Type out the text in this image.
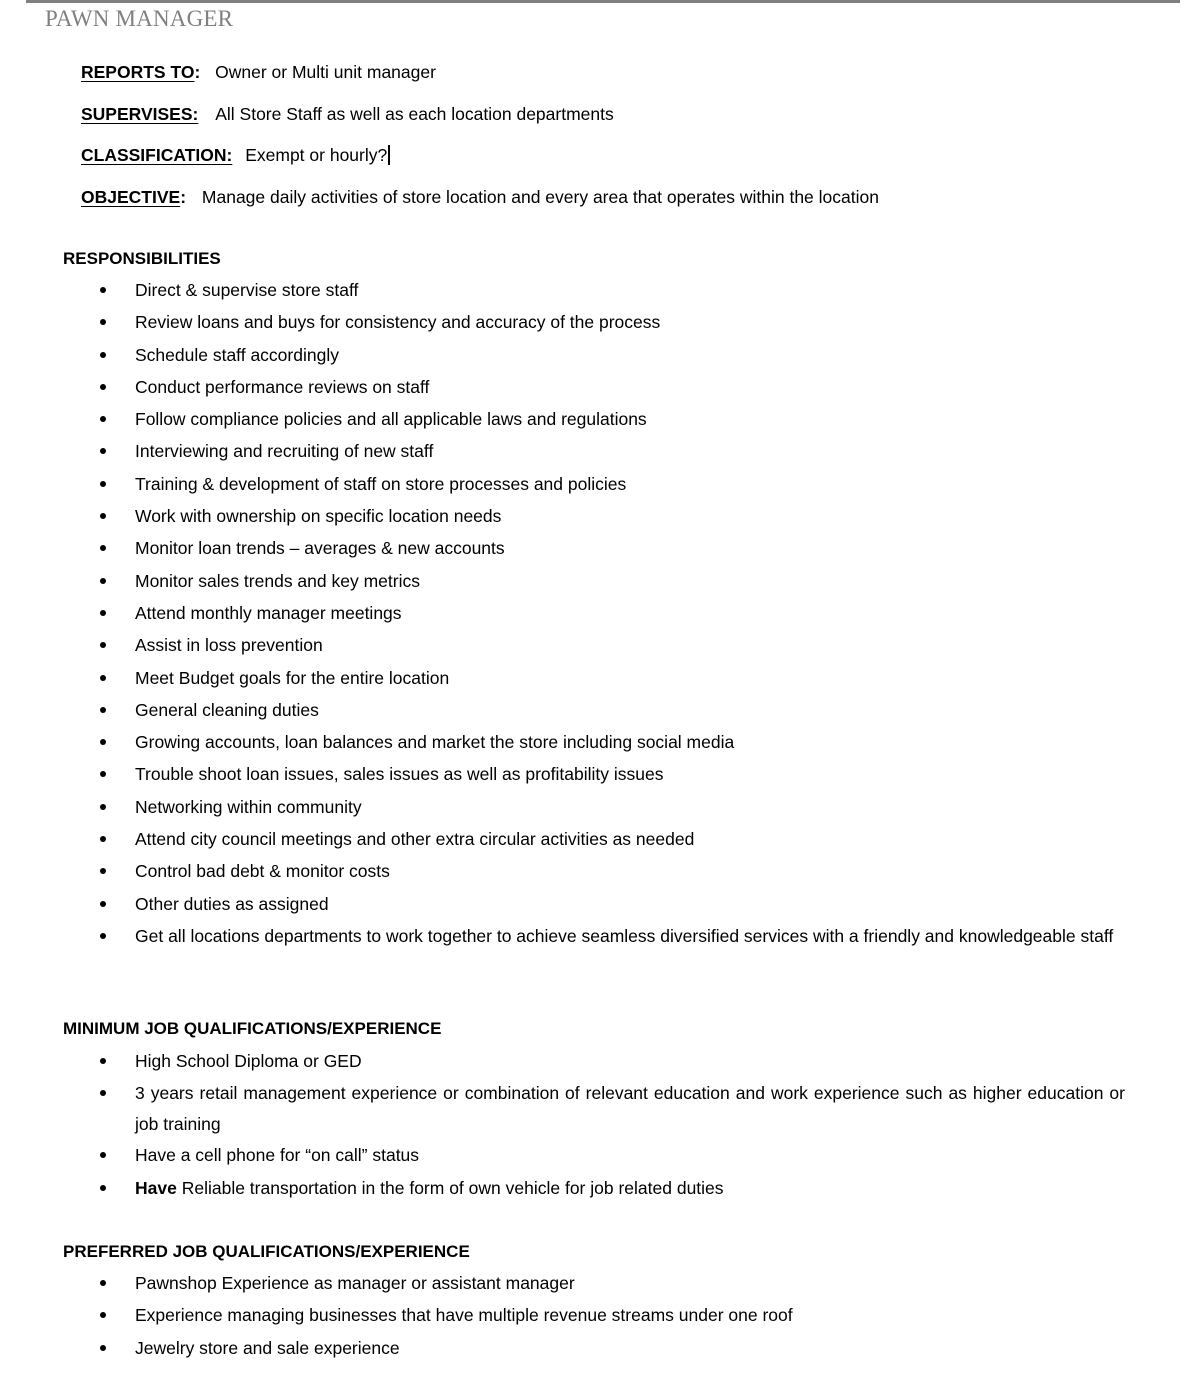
PAWN MANAGER
REPORTS TO: Owner or Multi unit manager
SUPERVISES: All Store Staff as well as each location departments
CLASSIFICATION: Exempt or hourly?
OBJECTIVE: Manage daily activities of store location and every area that operates within the location
RESPONSIBILITIES
Direct & supervise store staff
Review loans and buys for consistency and accuracy of the process
Schedule staff accordingly
Conduct performance reviews on staff
Follow compliance policies and all applicable laws and regulations
Interviewing and recruiting of new staff
Training & development of staff on store processes and policies
Work with ownership on specific location needs
Monitor loan trends – averages & new accounts
Monitor sales trends and key metrics
Attend monthly manager meetings
Assist in loss prevention
Meet Budget goals for the entire location
General cleaning duties
Growing accounts, loan balances and market the store including social media
Trouble shoot loan issues, sales issues as well as profitability issues
Networking within community
Attend city council meetings and other extra circular activities as needed
Control bad debt & monitor costs
Other duties as assigned
Get all locations departments to work together to achieve seamless diversified services with a friendly and knowledgeable staff
MINIMUM JOB QUALIFICATIONS/EXPERIENCE
High School Diploma or GED
3 years retail management experience or combination of relevant education and work experience such as higher education or job training
Have a cell phone for “on call” status
Have Reliable transportation in the form of own vehicle for job related duties
PREFERRED JOB QUALIFICATIONS/EXPERIENCE
Pawnshop Experience as manager or assistant manager
Experience managing businesses that have multiple revenue streams under one roof
Jewelry store and sale experience
